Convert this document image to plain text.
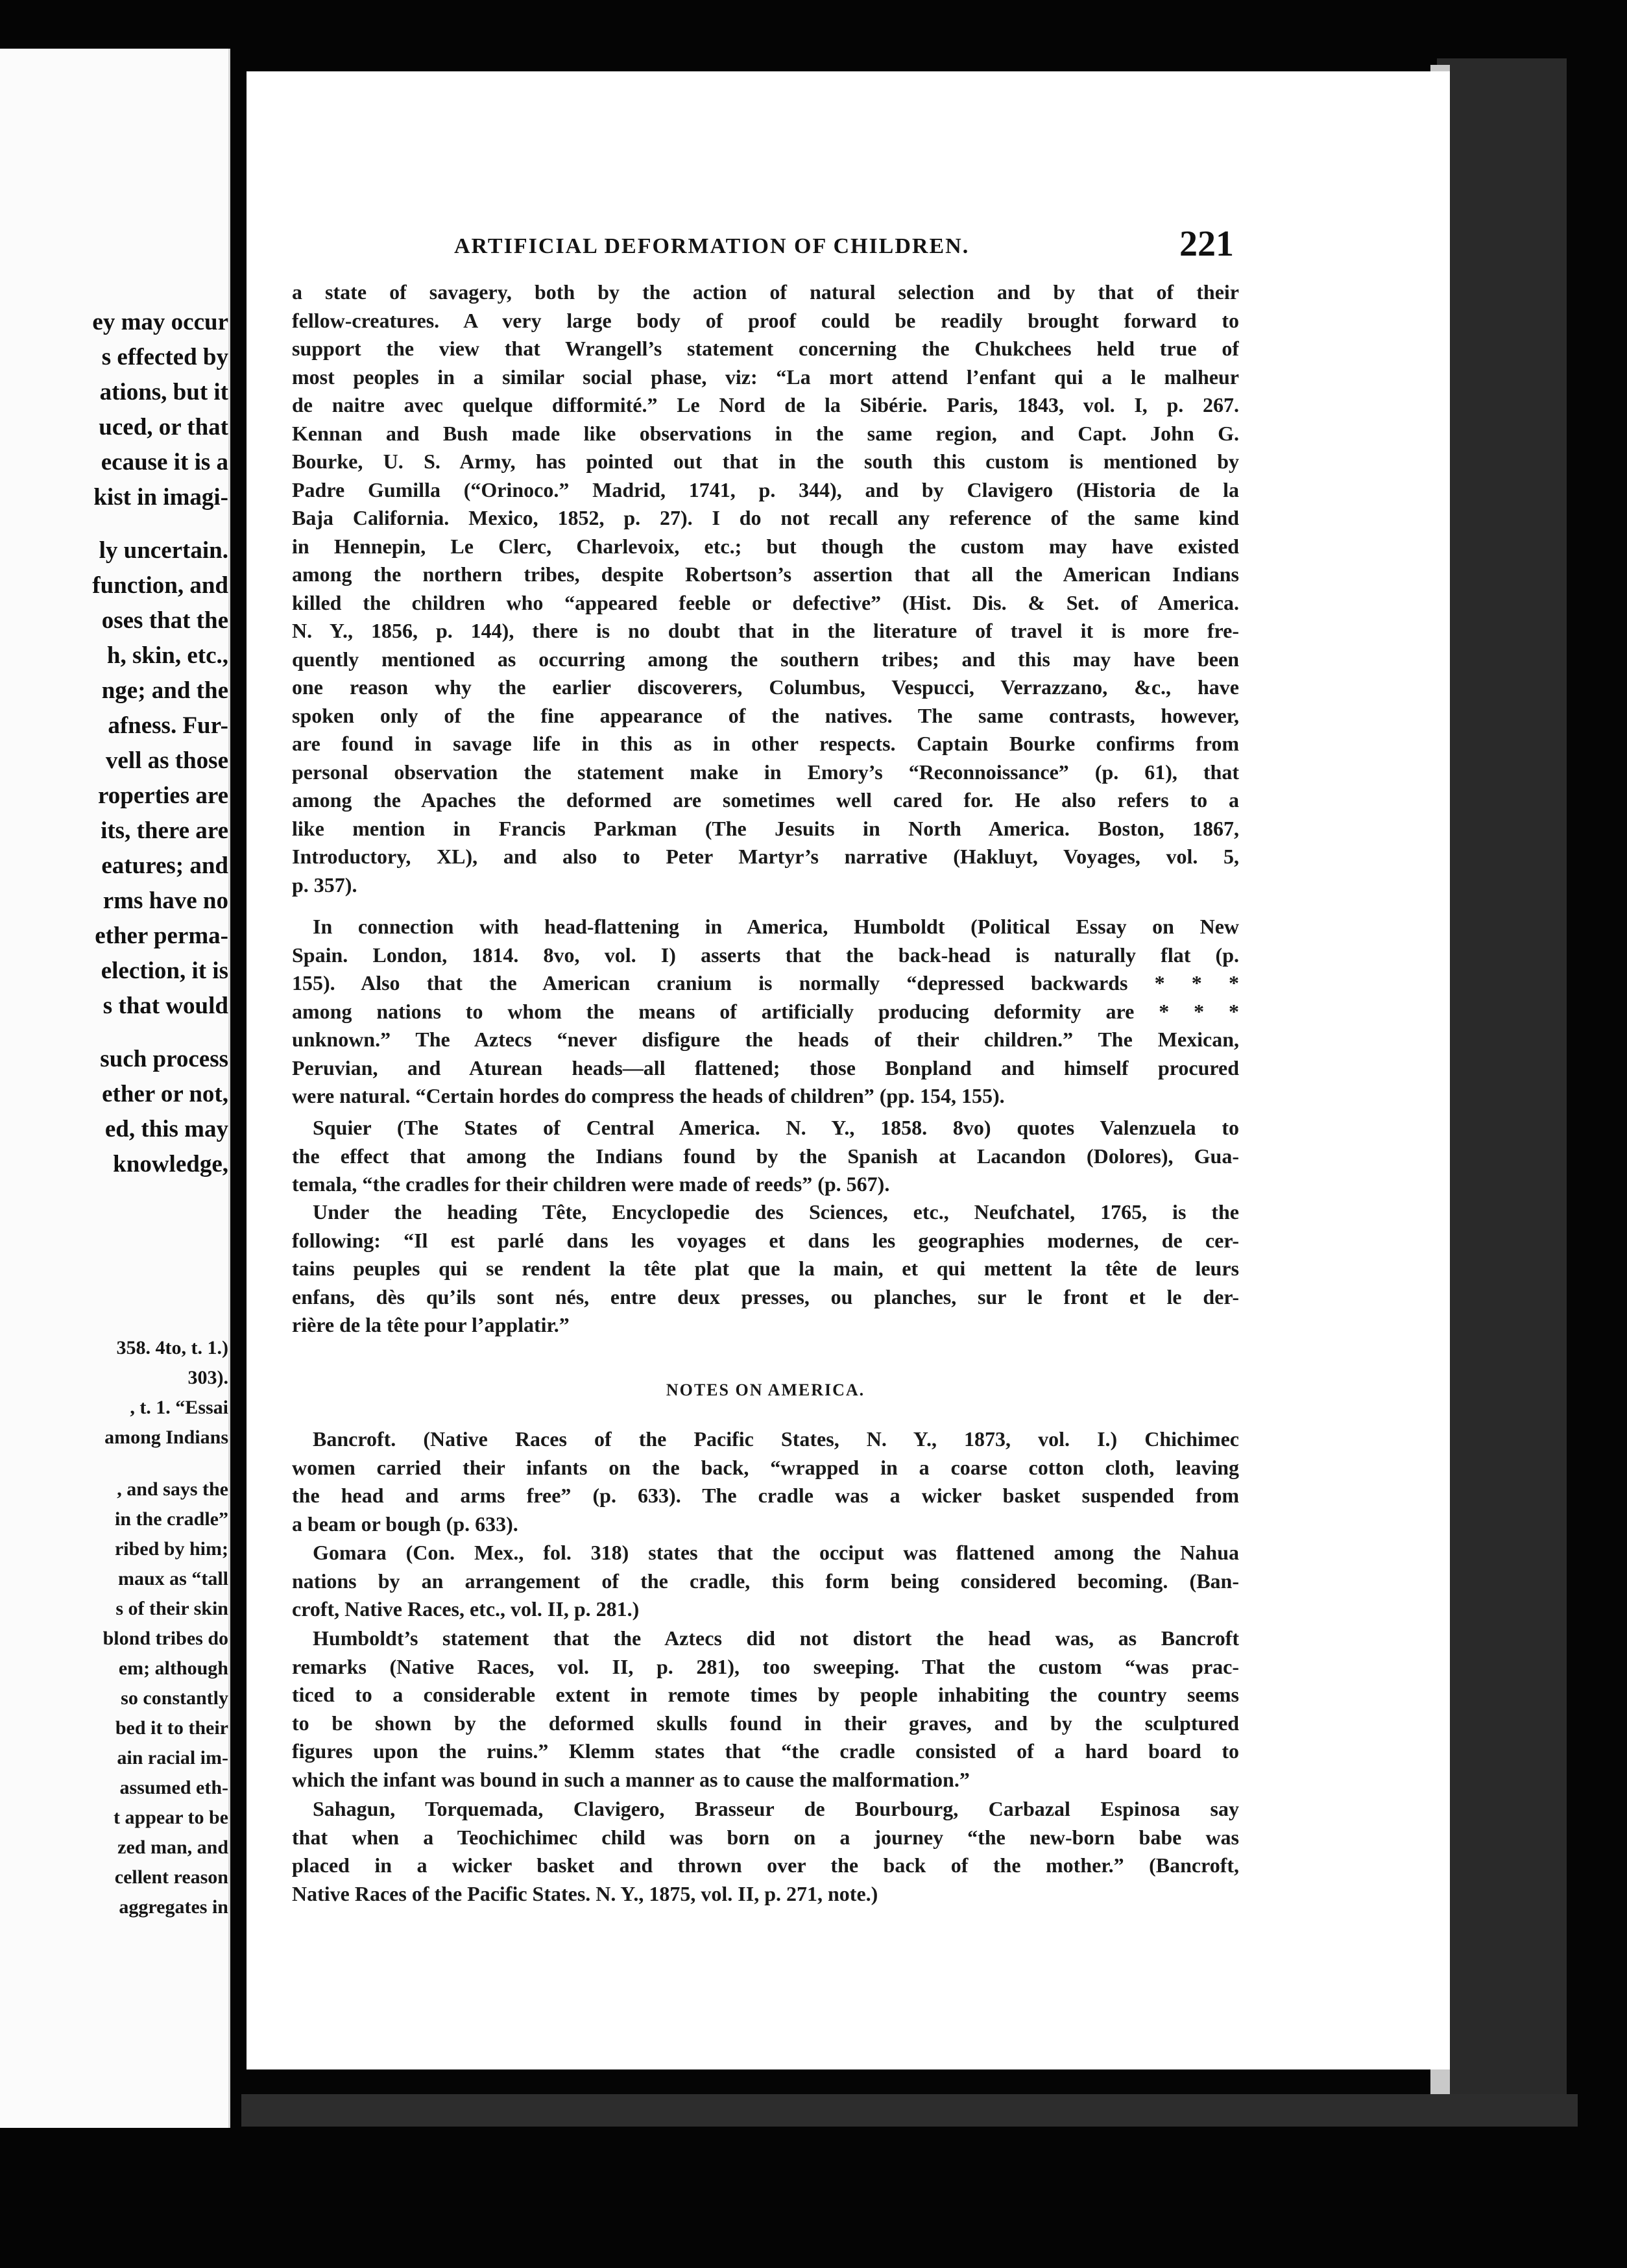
ey may occur
s effected by
ations, but it
uced, or that
ecause it is a
kist in imagi-
ly uncertain.
function, and
oses that the
h, skin, etc.,
nge; and the
afness. Fur-
vell as those
roperties are
its, there are
eatures; and
rms have no
ether perma-
election, it is
s that would
such process
ether or not,
ed, this may
knowledge,
358. 4to, t. 1.)
303).
, t. 1. “Essai
among Indians
, and says the
in the cradle”
ribed by him;
maux as “tall
s of their skin
blond tribes do
em; although
so constantly
bed it to their
ain racial im-
assumed eth-
t appear to be
zed man, and
cellent reason
aggregates in
ARTIFICIAL DEFORMATION OF CHILDREN.	221
a state of savagery, both by the action of natural selection and by that of their
fellow-creatures. A very large body of proof could be readily brought forward to
support the view that Wrangell’s statement concerning the Chukchees held true of
most peoples in a similar social phase, viz: “La mort attend l’enfant qui a le malheur
de naitre avec quelque difformité.” Le Nord de la Sibérie. Paris, 1843, vol. I, p. 267.
Kennan and Bush made like observations in the same region, and Capt. John G.
Bourke, U. S. Army, has pointed out that in the south this custom is mentioned by
Padre Gumilla (“Orinoco.” Madrid, 1741, p. 344), and by Clavigero (Historia de la
Baja California. Mexico, 1852, p. 27). I do not recall any reference of the same kind
in Hennepin, Le Clerc, Charlevoix, etc.; but though the custom may have existed
among the northern tribes, despite Robertson’s assertion that all the American Indians
killed the children who “appeared feeble or defective” (Hist. Dis. & Set. of America.
N. Y., 1856, p. 144), there is no doubt that in the literature of travel it is more fre-
quently mentioned as occurring among the southern tribes; and this may have been
one reason why the earlier discoverers, Columbus, Vespucci, Verrazzano, &c., have
spoken only of the fine appearance of the natives. The same contrasts, however,
are found in savage life in this as in other respects. Captain Bourke confirms from
personal observation the statement make in Emory’s “Reconnoissance” (p. 61), that
among the Apaches the deformed are sometimes well cared for. He also refers to a
like mention in Francis Parkman (The Jesuits in North America. Boston, 1867,
Introductory, XL), and also to Peter Martyr’s narrative (Hakluyt, Voyages, vol. 5,
p. 357).
In connection with head-flattening in America, Humboldt (Political Essay on New
Spain. London, 1814. 8vo, vol. I) asserts that the back-head is naturally flat (p.
155). Also that the American cranium is normally “depressed backwards * * *
among nations to whom the means of artificially producing deformity are * * *
unknown.” The Aztecs “never disfigure the heads of their children.” The Mexican,
Peruvian, and Aturean heads—all flattened; those Bonpland and himself procured
were natural. “Certain hordes do compress the heads of children” (pp. 154, 155).
Squier (The States of Central America. N. Y., 1858. 8vo) quotes Valenzuela to
the effect that among the Indians found by the Spanish at Lacandon (Dolores), Gua-
temala, “the cradles for their children were made of reeds” (p. 567).
Under the heading Tête, Encyclopedie des Sciences, etc., Neufchatel, 1765, is the
following: “Il est parlé dans les voyages et dans les geographies modernes, de cer-
tains peuples qui se rendent la tête plat que la main, et qui mettent la tête de leurs
enfans, dès qu’ils sont nés, entre deux presses, ou planches, sur le front et le der-
rière de la tête pour l’applatir.”
NOTES ON AMERICA.
Bancroft. (Native Races of the Pacific States, N. Y., 1873, vol. I.) Chichimec
women carried their infants on the back, “wrapped in a coarse cotton cloth, leaving
the head and arms free” (p. 633). The cradle was a wicker basket suspended from
a beam or bough (p. 633).
Gomara (Con. Mex., fol. 318) states that the occiput was flattened among the Nahua
nations by an arrangement of the cradle, this form being considered becoming. (Ban-
croft, Native Races, etc., vol. II, p. 281.)
Humboldt’s statement that the Aztecs did not distort the head was, as Bancroft
remarks (Native Races, vol. II, p. 281), too sweeping. That the custom “was prac-
ticed to a considerable extent in remote times by people inhabiting the country seems
to be shown by the deformed skulls found in their graves, and by the sculptured
figures upon the ruins.” Klemm states that “the cradle consisted of a hard board to
which the infant was bound in such a manner as to cause the malformation.”
Sahagun, Torquemada, Clavigero, Brasseur de Bourbourg, Carbazal Espinosa say
that when a Teochichimec child was born on a journey “the new-born babe was
placed in a wicker basket and thrown over the back of the mother.” (Bancroft,
Native Races of the Pacific States. N. Y., 1875, vol. II, p. 271, note.)
